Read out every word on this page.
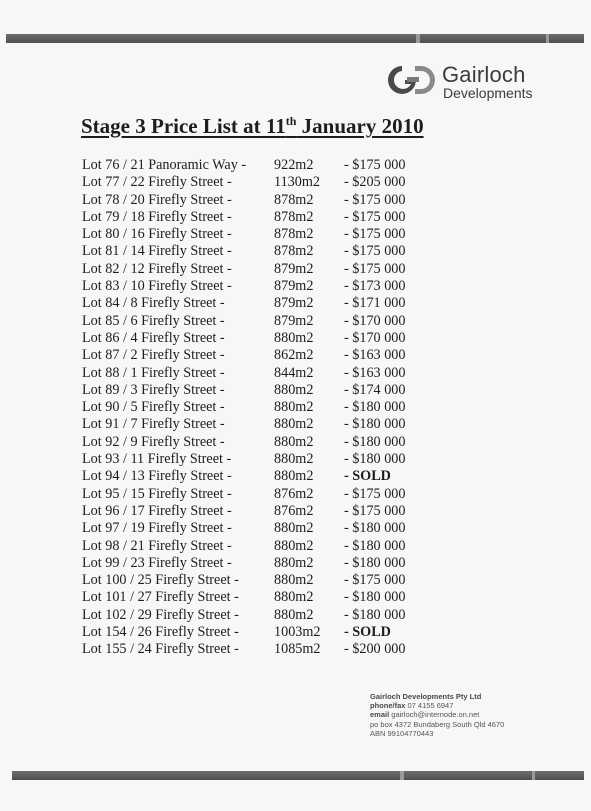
Gairloch
Developments
Stage 3 Price List at 11th January 2010
Lot 76 / 21 Panoramic Way - 922m2 - $175 000
Lot 77 / 22 Firefly Street -	1130m2 - $205 000
Lot 78 / 20 Firefly Street -	878m2 - $175 000
Lot 79 / 18 Firefly Street -	878m2 - $175 000
Lot 80 / 16 Firefly Street -	878m2 - $175 000
Lot 81 / 14 Firefly Street -	878m2 - $175 000
Lot 82 / 12 Firefly Street -	879m2 - $175 000
Lot 83 / 10 Firefly Street -	879m2 - $173 000
Lot 84 / 8 Firefly Street -	879m2 - $171 000
Lot 85 / 6 Firefly Street -	879m2 - $170 000
Lot 86 / 4 Firefly Street -	880m2 - $170 000
Lot 87 / 2 Firefly Street -	862m2 - $163 000
Lot 88 / 1 Firefly Street -	844m2 - $163 000
Lot 89 / 3 Firefly Street -	880m2 - $174 000
Lot 90 / 5 Firefly Street -	880m2 - $180 000
Lot 91 / 7 Firefly Street -	880m2 - $180 000
Lot 92 / 9 Firefly Street -	880m2 - $180 000
Lot 93 / 11 Firefly Street -	880m2 - $180 000
Lot 94 / 13 Firefly Street -	880m2 - SOLD
Lot 95 / 15 Firefly Street -	876m2 - $175 000
Lot 96 / 17 Firefly Street -	876m2 - $175 000
Lot 97 / 19 Firefly Street -	880m2 - $180 000
Lot 98 / 21 Firefly Street -	880m2 - $180 000
Lot 99 / 23 Firefly Street -	880m2 - $180 000
Lot 100 / 25 Firefly Street - 880m2 - $175 000
Lot 101 / 27 Firefly Street - 880m2 - $180 000
Lot 102 / 29 Firefly Street - 880m2 - $180 000
Lot 154 / 26 Firefly Street - 1003m2 - SOLD
Lot 155 / 24 Firefly Street - 1085m2 - $200 000
Gairloch Developments Pty Ltd
phone/fax 07 4155 6947
email gairloch@internode.on.net
po box 4372 Bundaberg South Qld 4670
ABN 99104770443
